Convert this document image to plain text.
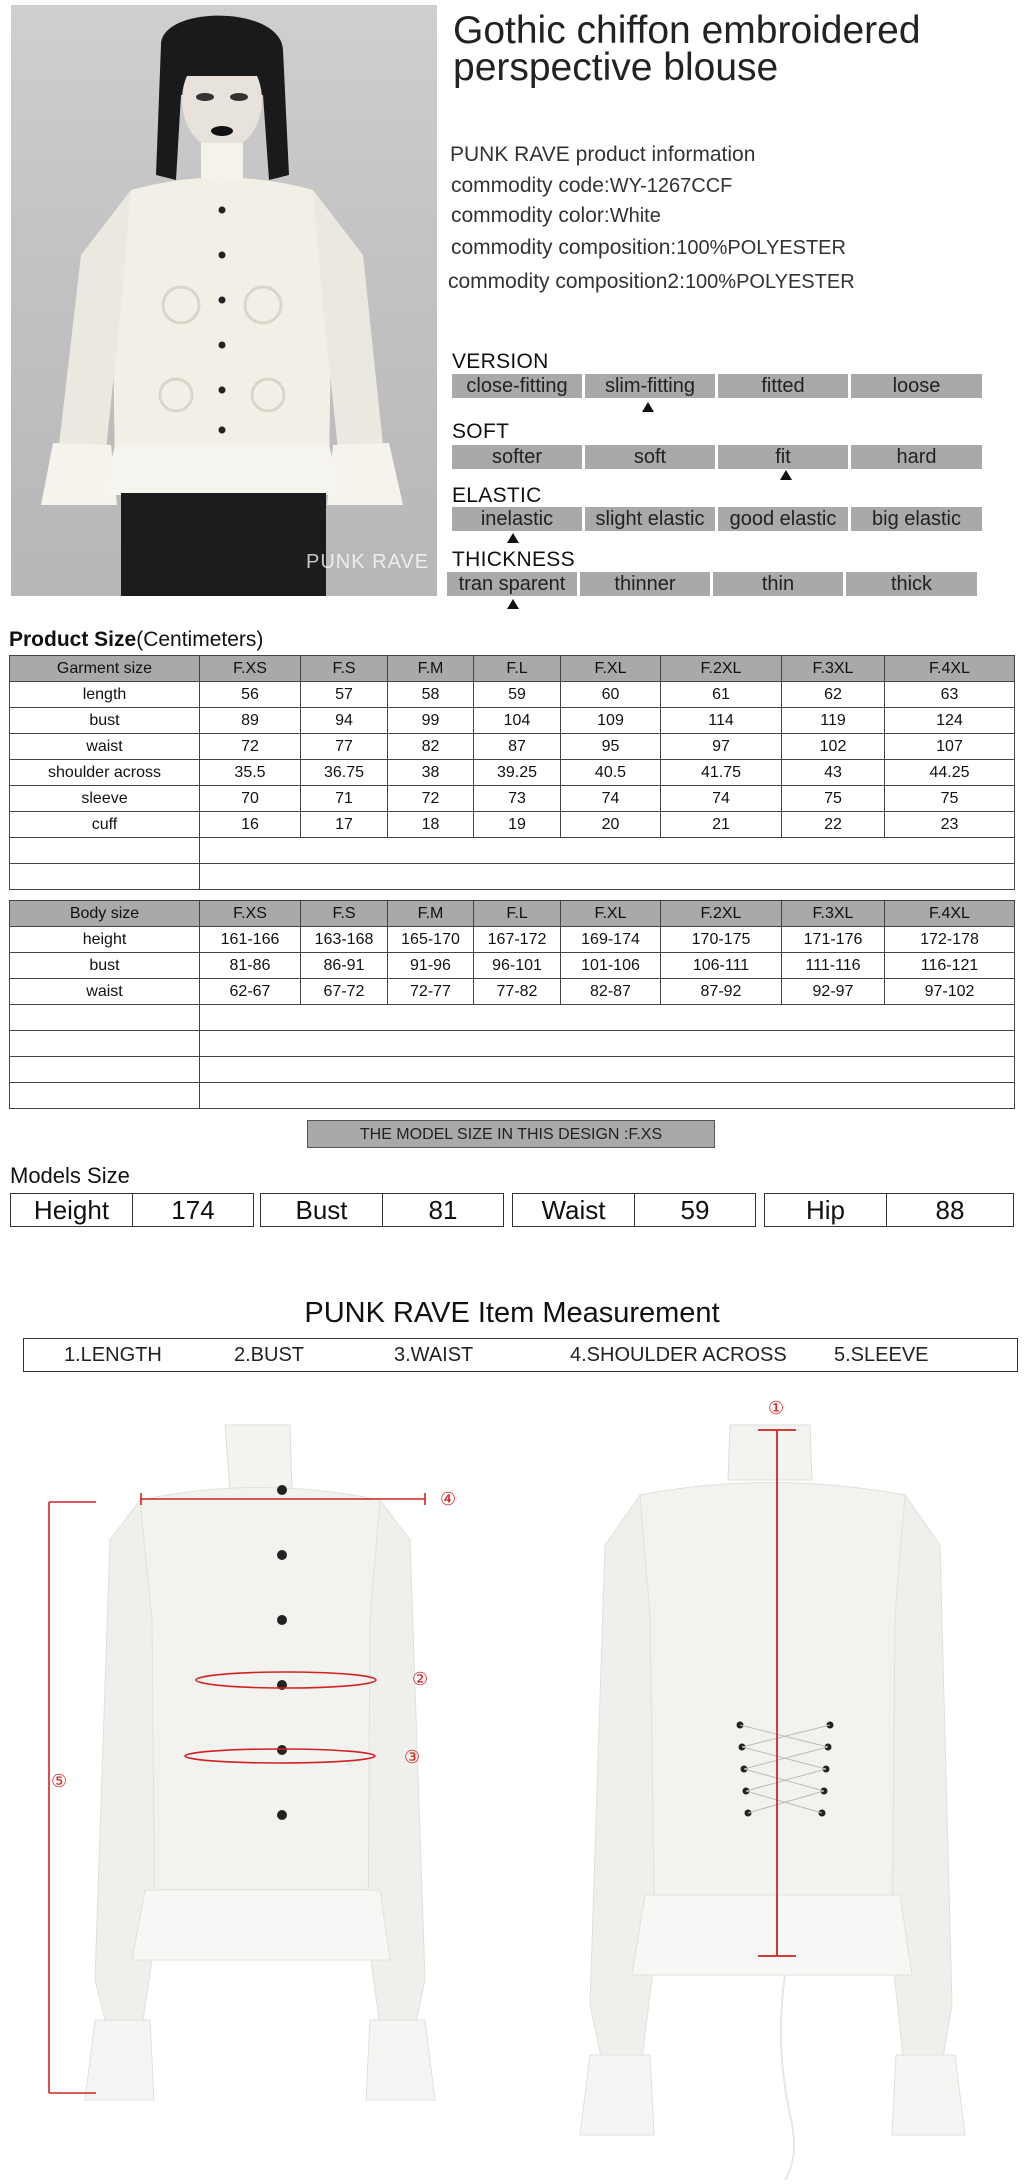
PUNK RAVE
Gothic chiffon embroidered perspective blouse
PUNK RAVE product information
commodity code:WY-1267CCF
commodity color:White
commodity composition:100%POLYESTER
commodity composition2:100%POLYESTER
VERSION
close-fitting	slim-fitting	fitted	loose
SOFT
softer	soft	fit	hard
ELASTIC
inelastic	slight elastic	good elastic	big elastic
THICKNESS
tran sparent	thinner	thin	thick
Product Size(Centimeters)
Garment size	F.XS	F.S	F.M	F.L	F.XL	F.2XL	F.3XL	F.4XL
length	56	57	58	59	60	61	62	63
bust	89	94	99	104	109	114	119	124
waist	72	77	82	87	95	97	102	107
shoulder across	35.5	36.75	38	39.25	40.5	41.75	43	44.25
sleeve	70	71	72	73	74	74	75	75
cuff	16	17	18	19	20	21	22	23

Body size	F.XS	F.S	F.M	F.L	F.XL	F.2XL	F.3XL	F.4XL
height	161-166	163-168	165-170	167-172	169-174	170-175	171-176	172-178
bust	81-86	86-91	91-96	96-101	101-106	106-111	111-116	116-121
waist	62-67	67-72	72-77	77-82	82-87	87-92	92-97	97-102

THE MODEL SIZE IN THIS DESIGN :F.XS
Models Size
Height	174	Bust	81	Waist	59	Hip	88
PUNK RAVE Item Measurement
1.LENGTH	2.BUST	3.WAIST	4.SHOULDER ACROSS 5.SLEEVE
④
②
③
⑤
①
